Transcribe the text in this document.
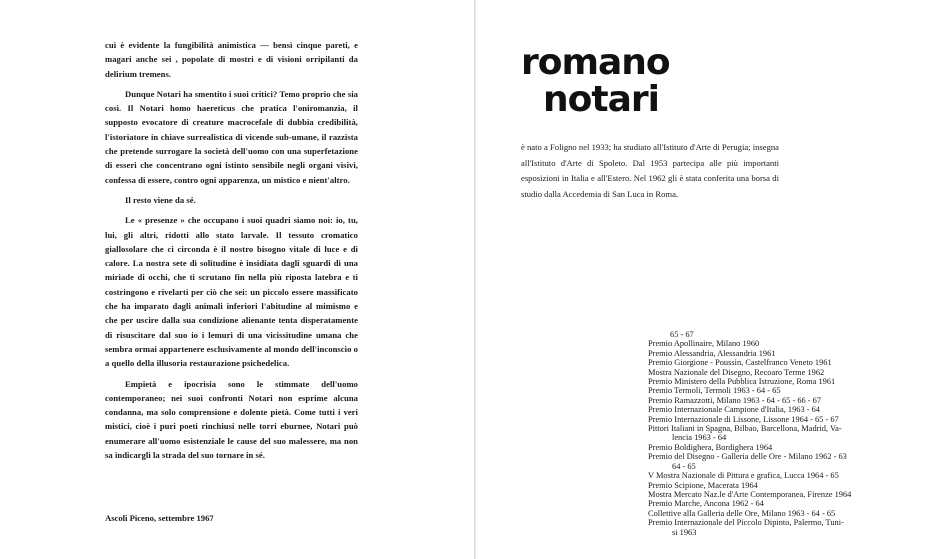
cui è evidente la fungibilità animistica — bensì cinque pareti, e magari anche sei , popolate di mostri e di visioni orripilanti da delirium tremens.

Dunque Notari ha smentito i suoi critici? Temo proprio che sia così. Il Notari homo haereticus che pratica l'oniromanzia, il supposto evocatore di creature macrocefale di dubbia credibilità, l'istoriatore in chiave surrealistica di vicende sub-umane, il razzista che pretende surrogare la società dell'uomo con una superfetazione di esseri che concentrano ogni istinto sensibile negli organi visivi, confessa di essere, contro ogni apparenza, un mistico e nient'altro.

Il resto viene da sé.

Le « presenze » che occupano i suoi quadri siamo noi: io, tu, lui, gli altri, ridotti allo stato larvale. Il tessuto cromatico giallosolare che ci circonda è il nostro bisogno vitale di luce e di calore. La nostra sete di solitudine è insidiata dagli sguardi di una miriade di occhi, che ti scrutano fin nella più riposta latebra e ti costringono e rivelarti per ciò che sei: un piccolo essere massificato che ha imparato dagli animali inferiori l'abitudine al mimismo e che per uscire dalla sua condizione alienante tenta disperatamente di risuscitare dal suo io i lemuri di una vicissitudine umana che sembra ormai appartenere esclusivamente al mondo dell'inconscio o a quello della illusoria restaurazione psichedelica.

Empietà e ipocrisia sono le stimmate dell'uomo contemporaneo; nei suoi confronti Notari non esprime alcuna condanna, ma solo comprensione e dolente pietà. Come tutti i veri mistici, cioè i puri poeti rinchiusi nelle torri eburnee, Notari può enumerare all'uomo esistenziale le cause del suo malessere, ma non sa indicargli la strada del suo tornare in sé.

Ascoli Piceno, settembre 1967
romano
notari
è nato a Foligno nel 1933; ha studiato all'Istituto d'Arte di Perugia; insegna all'Istituto d'Arte di Spoleto. Dal 1953 partecipa alle più importanti esposizioni in Italia e all'Estero. Nel 1962 gli è stata conferita una borsa di studio dalla Accedemia di San Luca in Roma.
65 - 67
Premio Apollinaire, Milano 1960
Premio Alessandria, Alessandria 1961
Premio Giorgione - Poussin, Castelfranco Veneto 1961
Mostra Nazionale del Disegno, Recoaro Terme 1962
Premio Ministero della Pubblica Istruzione, Roma 1961
Premio Termoli, Termoli 1963 - 64 - 65
Premio Ramazzotti, Milano 1963 - 64 - 65 - 66 - 67
Premio Internazionale Campione d'Italia, 1963 - 64
Premio Internazionale di Lissone, Lissone 1964 - 65 - 67
Pittori Italiani in Spagna, Bilbao, Barcellona, Madrid, Va-
lencia 1963 - 64
Premio Boldighera, Bordighera 1964
Premio del Disegno - Galleria delle Ore - Milano 1962 - 63
64 - 65
V Mostra Nazionale di Pittura e grafica, Lucca 1964 - 65
Premio Scipione, Macerata 1964
Mostra Mercato Naz.le d'Arte Contemporanea, Firenze 1964
Premio Marche, Ancona 1962 - 64
Collettive alla Galleria delle Ore, Milano 1963 - 64 - 65
Premio Internazionale del Piccolo Dipinto, Palermo, Tuni-
si 1963
